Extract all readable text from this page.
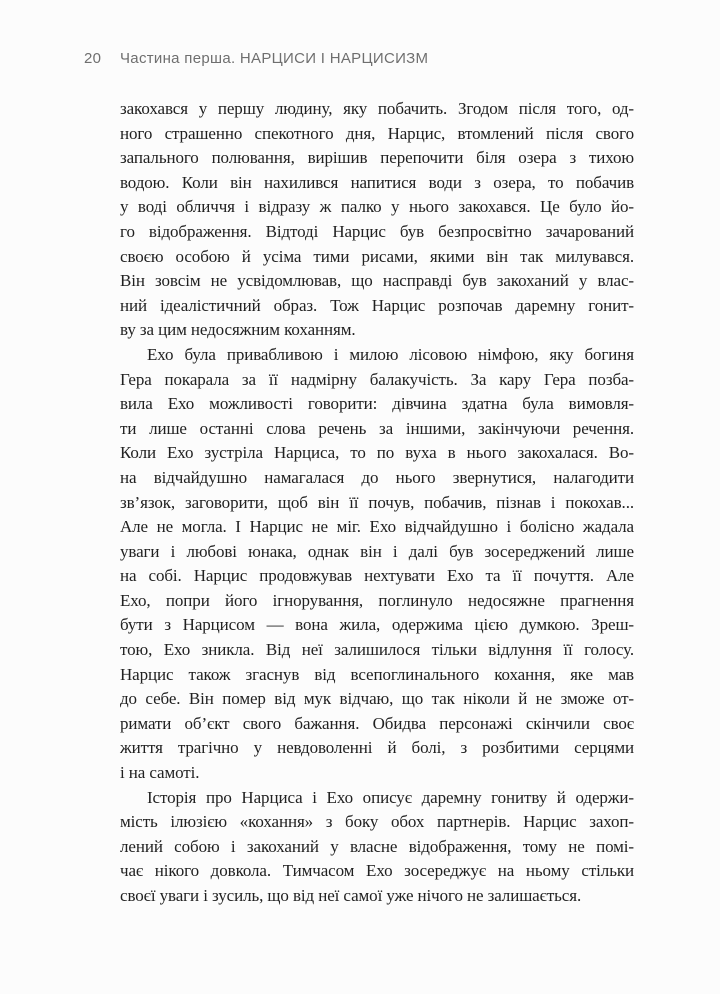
20 Частина перша. НАРЦИСИ І НАРЦИСИЗМ
закохався у першу людину, яку побачить. Згодом після того, од-
ного страшенно спекотного дня, Нарцис, втомлений після свого
запального полювання, вирішив перепочити біля озера з тихою
водою. Коли він нахилився напитися води з озера, то побачив
у воді обличчя і відразу ж палко у нього закохався. Це було йо-
го відображення. Відтоді Нарцис був безпросвітно зачарований
своєю особою й усіма тими рисами, якими він так милувався.
Він зовсім не усвідомлював, що насправді був закоханий у влас-
ний ідеалістичний образ. Тож Нарцис розпочав даремну гонит-
ву за цим недосяжним коханням.
Ехо була привабливою і милою лісовою німфою, яку богиня
Гера покарала за її надмірну балакучість. За кару Гера позба-
вила Ехо можливості говорити: дівчина здатна була вимовля-
ти лише останні слова речень за іншими, закінчуючи речення.
Коли Ехо зустріла Нарциса, то по вуха в нього закохалася. Во-
на відчайдушно намагалася до нього звернутися, налагодити
зв’язок, заговорити, щоб він її почув, побачив, пізнав і покохав...
Але не могла. І Нарцис не міг. Ехо відчайдушно і болісно жадала
уваги і любові юнака, однак він і далі був зосереджений лише
на собі. Нарцис продовжував нехтувати Ехо та її почуття. Але
Ехо, попри його ігнорування, поглинуло недосяжне прагнення
бути з Нарцисом — вона жила, одержима цією думкою. Зреш-
тою, Ехо зникла. Від неї залишилося тільки відлуння її голосу.
Нарцис також згаснув від всепоглинального кохання, яке мав
до себе. Він помер від мук відчаю, що так ніколи й не зможе от-
римати об’єкт свого бажання. Обидва персонажі скінчили своє
життя трагічно у невдоволенні й болі, з розбитими серцями
і на самоті.
Історія про Нарциса і Ехо описує даремну гонитву й одержи-
мість ілюзією «кохання» з боку обох партнерів. Нарцис захоп-
лений собою і закоханий у власне відображення, тому не помі-
чає нікого довкола. Тимчасом Ехо зосереджує на ньому стільки
своєї уваги і зусиль, що від неї самої уже нічого не залишається.
